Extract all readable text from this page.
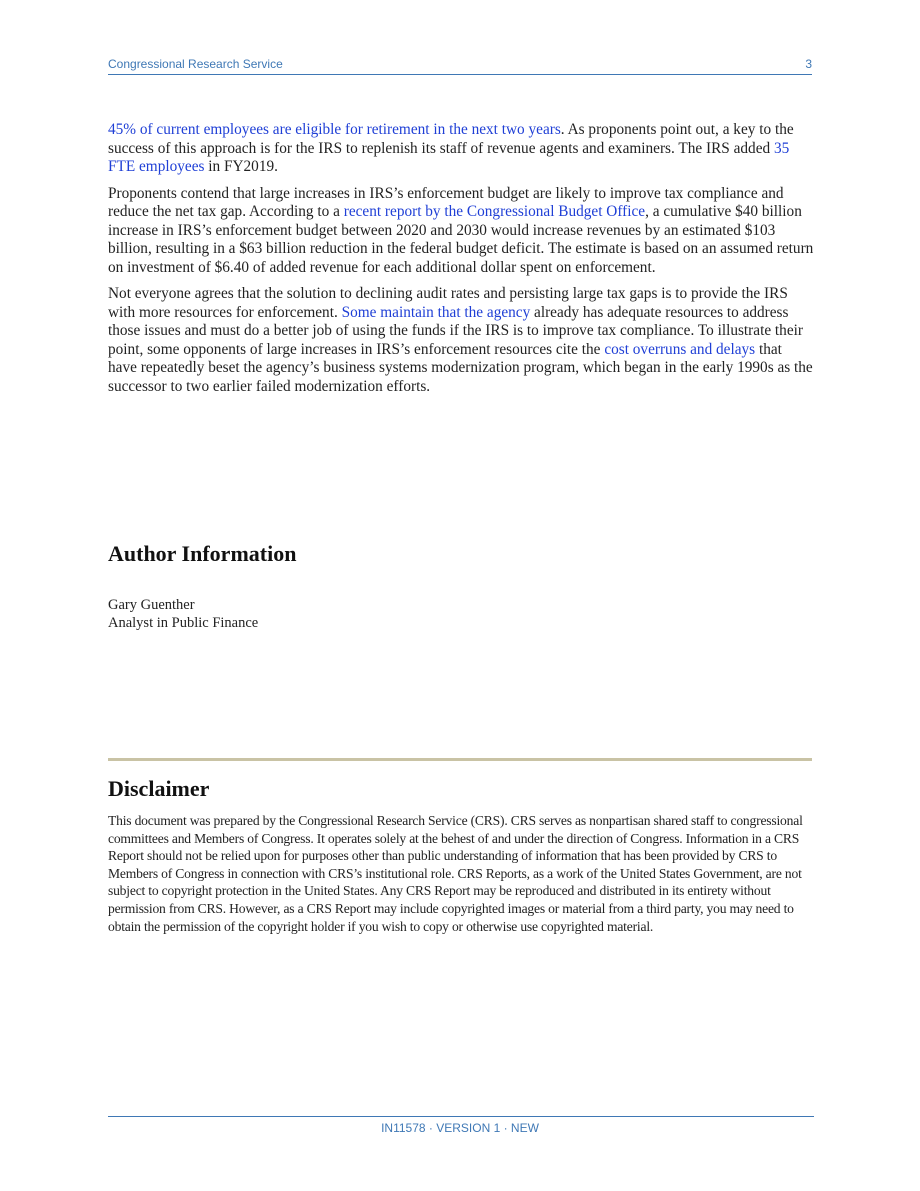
Congressional Research Service	3

45% of current employees are eligible for retirement in the next two years. As proponents point out, a key to the success of this approach is for the IRS to replenish its staff of revenue agents and examiners. The IRS added 35 FTE employees in FY2019.

Proponents contend that large increases in IRS’s enforcement budget are likely to improve tax compliance and reduce the net tax gap. According to a recent report by the Congressional Budget Office, a cumulative $40 billion increase in IRS’s enforcement budget between 2020 and 2030 would increase revenues by an estimated $103 billion, resulting in a $63 billion reduction in the federal budget deficit. The estimate is based on an assumed return on investment of $6.40 of added revenue for each additional dollar spent on enforcement.

Not everyone agrees that the solution to declining audit rates and persisting large tax gaps is to provide the IRS with more resources for enforcement. Some maintain that the agency already has adequate resources to address those issues and must do a better job of using the funds if the IRS is to improve tax compliance. To illustrate their point, some opponents of large increases in IRS’s enforcement resources cite the cost overruns and delays that have repeatedly beset the agency’s business systems modernization program, which began in the early 1990s as the successor to two earlier failed modernization efforts.

Author Information
Gary Guenther
Analyst in Public Finance
Disclaimer
This document was prepared by the Congressional Research Service (CRS). CRS serves as nonpartisan shared staff to congressional committees and Members of Congress. It operates solely at the behest of and under the direction of Congress. Information in a CRS Report should not be relied upon for purposes other than public understanding of information that has been provided by CRS to Members of Congress in connection with CRS’s institutional role. CRS Reports, as a work of the United States Government, are not subject to copyright protection in the United States. Any CRS Report may be reproduced and distributed in its entirety without permission from CRS. However, as a CRS Report may include copyrighted images or material from a third party, you may need to obtain the permission of the copyright holder if you wish to copy or otherwise use copyrighted material.
IN11578 · VERSION 1 · NEW
